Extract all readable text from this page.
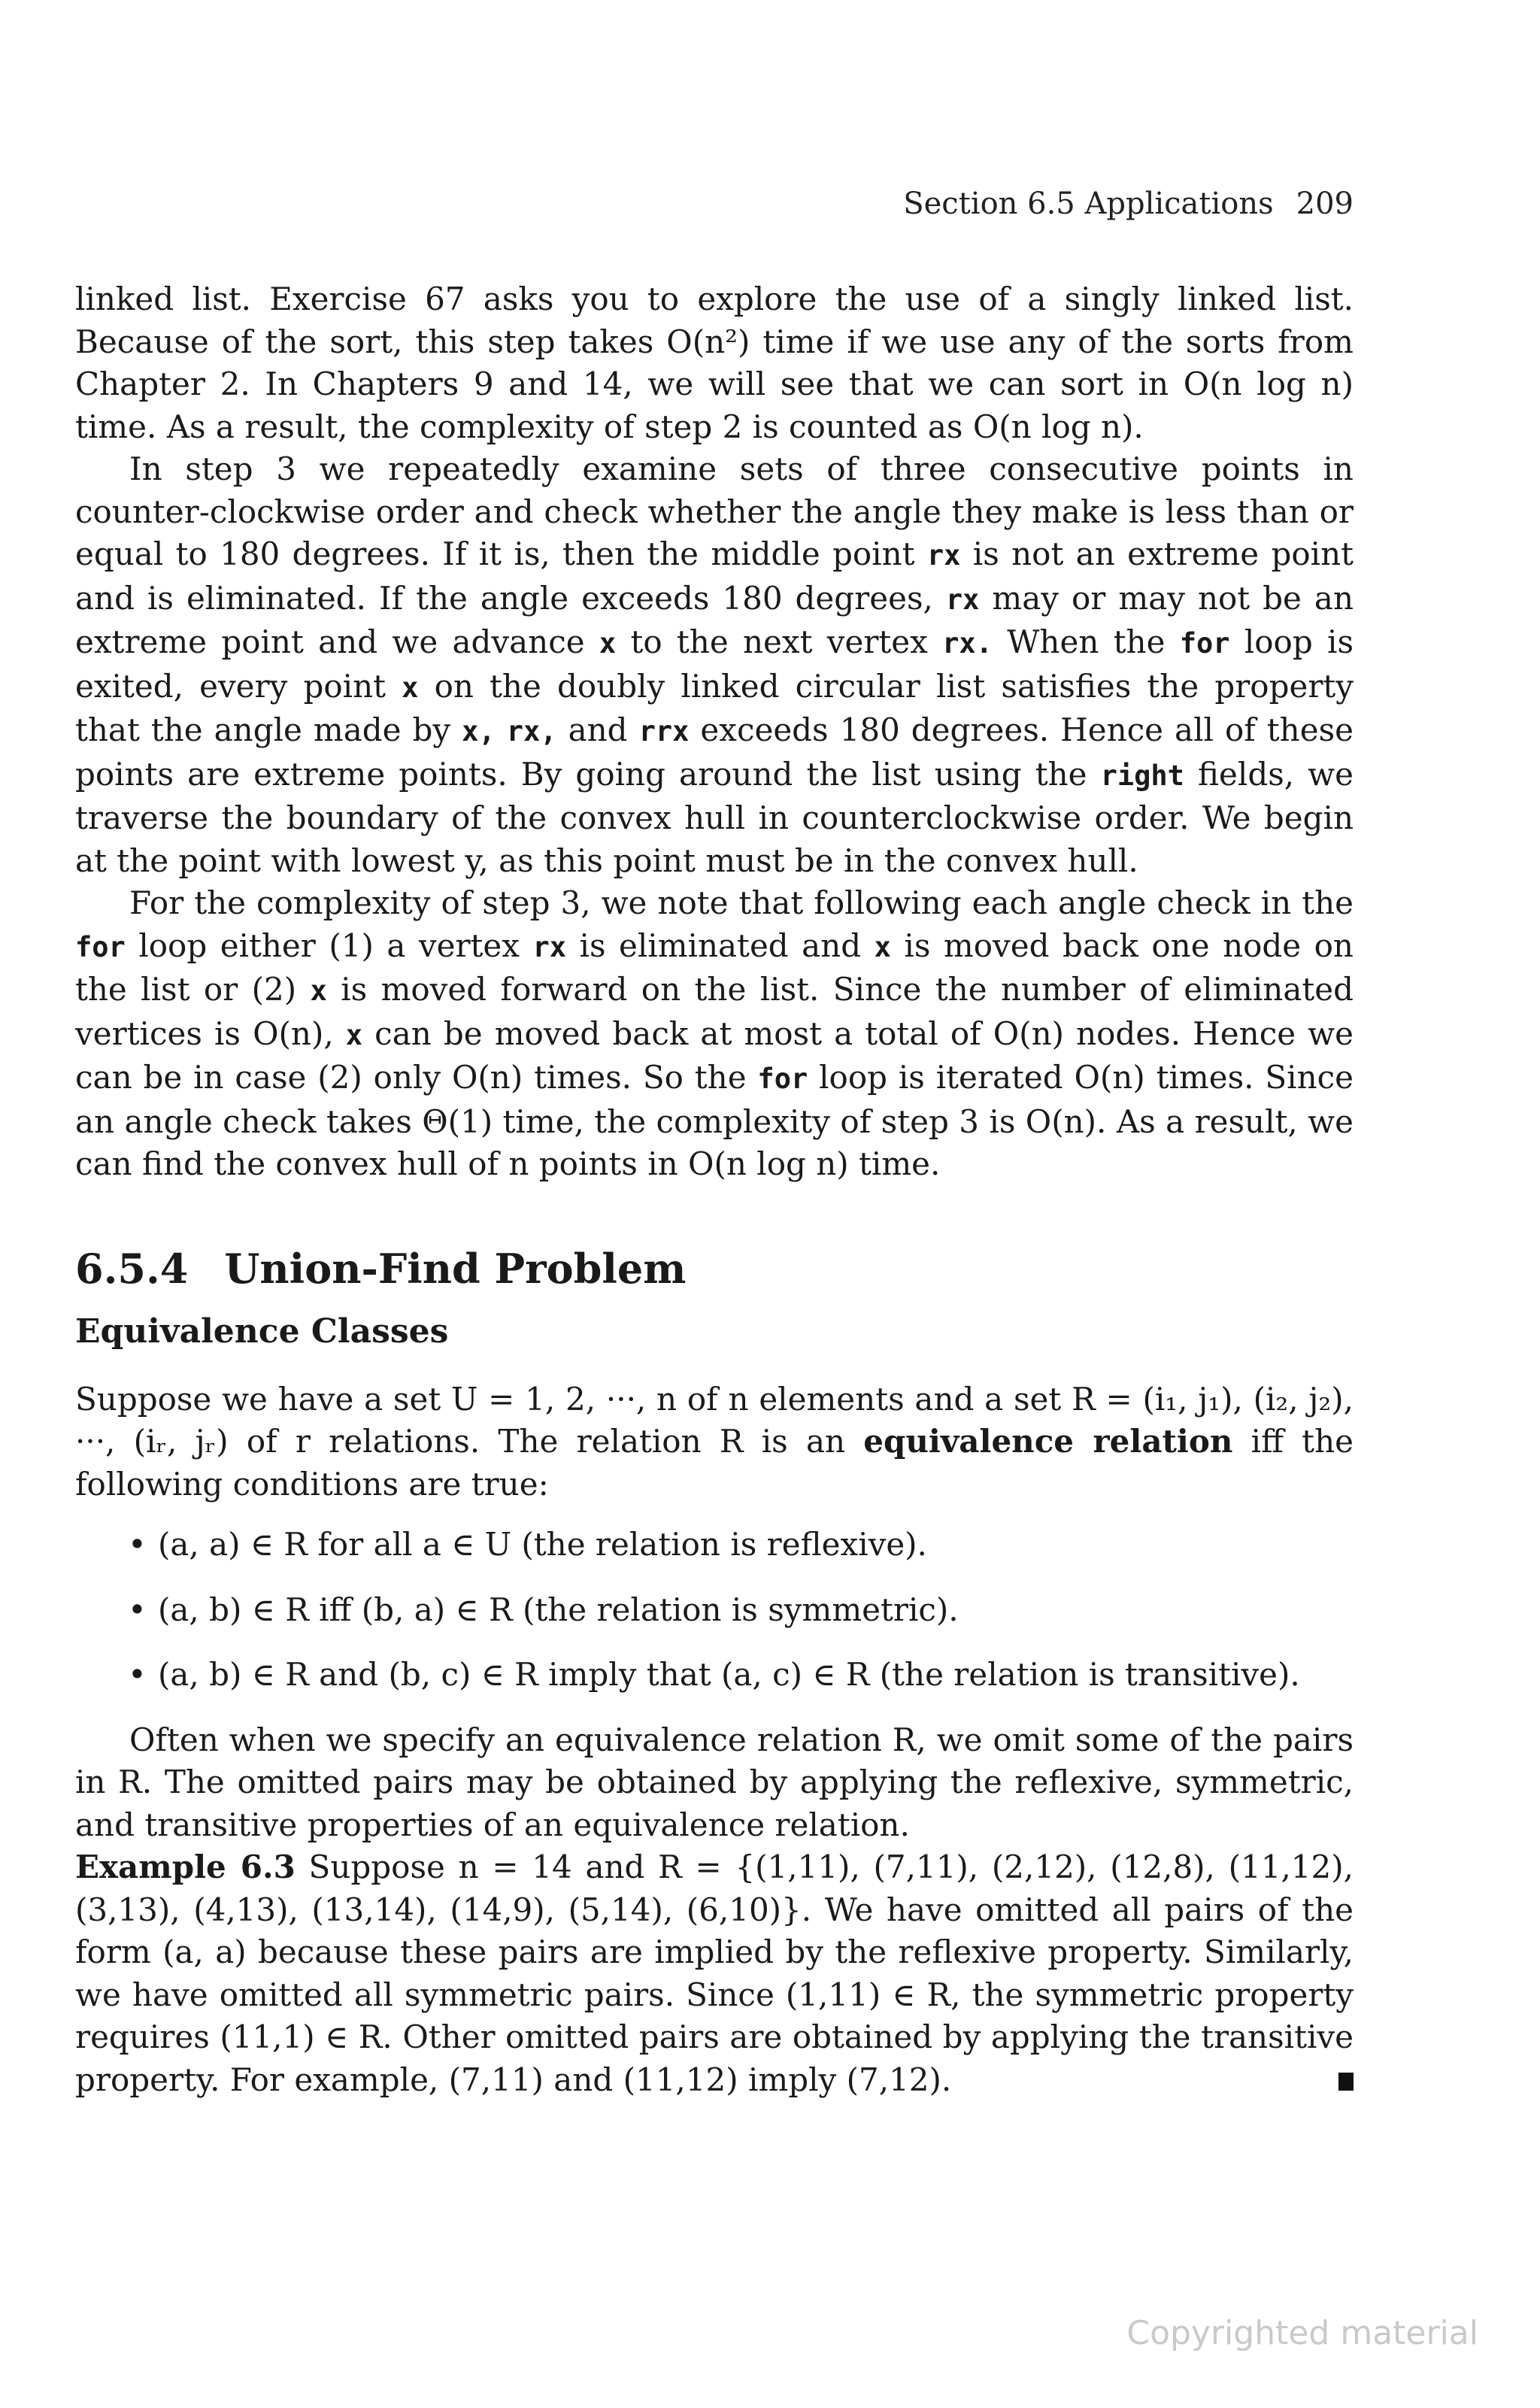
Section 6.5 Applications 209

linked list. Exercise 67 asks you to explore the use of a singly linked list. Because of the sort, this step takes O(n²) time if we use any of the sorts from Chapter 2. In Chapters 9 and 14, we will see that we can sort in O(n log n) time. As a result, the complexity of step 2 is counted as O(n log n).

In step 3 we repeatedly examine sets of three consecutive points in counter-clockwise order and check whether the angle they make is less than or equal to 180 degrees. If it is, then the middle point rx is not an extreme point and is eliminated. If the angle exceeds 180 degrees, rx may or may not be an extreme point and we advance x to the next vertex rx. When the for loop is exited, every point x on the doubly linked circular list satisfies the property that the angle made by x, rx, and rrx exceeds 180 degrees. Hence all of these points are extreme points. By going around the list using the right fields, we traverse the boundary of the convex hull in counterclockwise order. We begin at the point with lowest y, as this point must be in the convex hull.

For the complexity of step 3, we note that following each angle check in the for loop either (1) a vertex rx is eliminated and x is moved back one node on the list or (2) x is moved forward on the list. Since the number of eliminated vertices is O(n), x can be moved back at most a total of O(n) nodes. Hence we can be in case (2) only O(n) times. So the for loop is iterated O(n) times. Since an angle check takes Θ(1) time, the complexity of step 3 is O(n). As a result, we can find the convex hull of n points in O(n log n) time.

6.5.4 Union-Find Problem
Equivalence Classes

Suppose we have a set U = 1, 2, ···, n of n elements and a set R = (i₁, j₁), (i₂, j₂), ···, (iᵣ, jᵣ) of r relations. The relation R is an equivalence relation iff the following conditions are true:

• (a, a) ∈ R for all a ∈ U (the relation is reflexive).
• (a, b) ∈ R iff (b, a) ∈ R (the relation is symmetric).
• (a, b) ∈ R and (b, c) ∈ R imply that (a, c) ∈ R (the relation is transitive).

Often when we specify an equivalence relation R, we omit some of the pairs in R. The omitted pairs may be obtained by applying the reflexive, symmetric, and transitive properties of an equivalence relation.

Example 6.3 Suppose n = 14 and R = {(1,11), (7,11), (2,12), (12,8), (11,12), (3,13), (4,13), (13,14), (14,9), (5,14), (6,10)}. We have omitted all pairs of the form (a, a) because these pairs are implied by the reflexive property. Similarly, we have omitted all symmetric pairs. Since (1,11) ∈ R, the symmetric property requires (11,1) ∈ R. Other omitted pairs are obtained by applying the transitive property. For example, (7,11) and (11,12) imply (7,12).

Copyrighted material
